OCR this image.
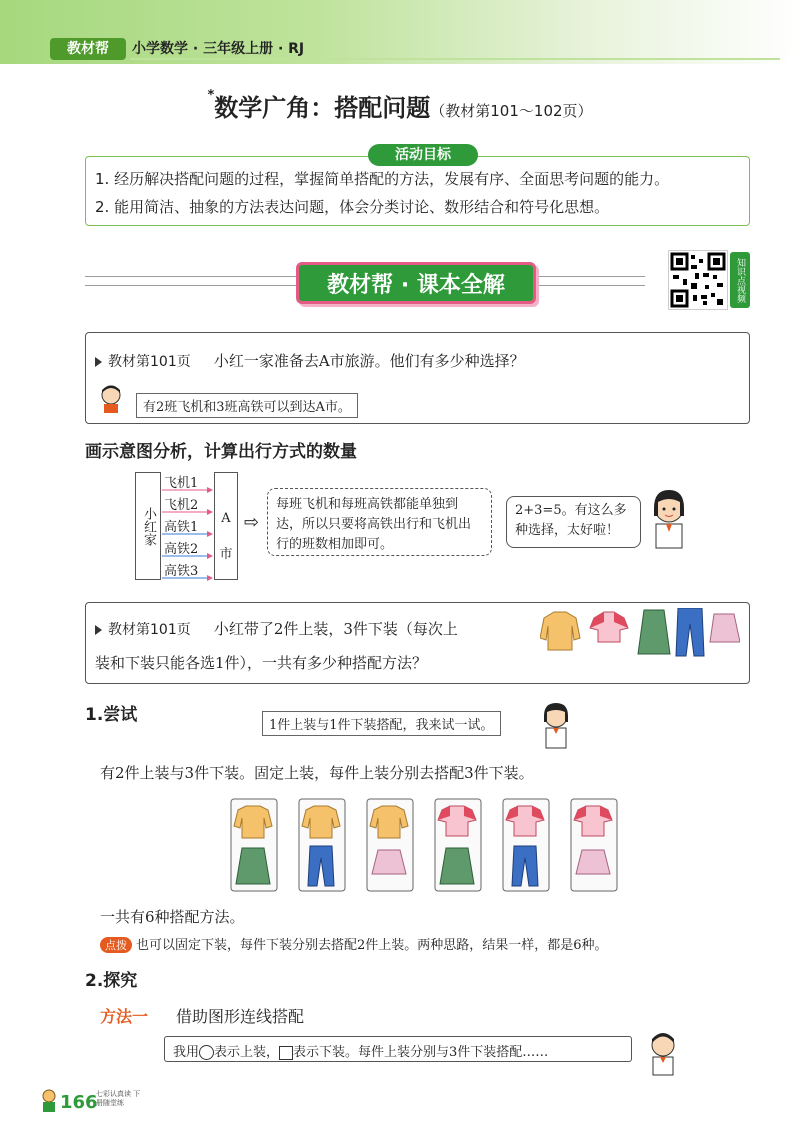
教材帮	小学数学 · 三年级上册 · RJ
*数学广角：搭配问题（教材第101～102页）
活动目标
1. 经历解决搭配问题的过程，掌握简单搭配的方法，发展有序、全面思考问题的能力。
2. 能用简洁、抽象的方法表达问题，体会分类讨论、数形结合和符号化思想。
教材帮 · 课本全解	知识点视频
教材第101页 小红一家准备去A市旅游。他们有多少种选择？
有2班飞机和3班高铁可以到达A市。
画示意图分析，计算出行方式的数量
小红家	A市
飞机1
飞机2
高铁1
高铁2
高铁3
⇨
每班飞机和每班高铁都能单独到达，所以只要将高铁出行和飞机出行的班数相加即可。
2+3=5。有这么多种选择，太好啦！
教材第101页 小红带了2件上装，3件下装（每次上
装和下装只能各选1件），一共有多少种搭配方法？
1.尝试
1件上装与1件下装搭配，我来试一试。
有2件上装与3件下装。固定上装，每件上装分别去搭配3件下装。
一共有6种搭配方法。
点拨 也可以固定下装，每件下装分别去搭配2件上装。两种思路，结果一样，都是6种。
2.探究
方法一 借助图形连线搭配
我用 表示上装， 表示下装。每件上装分别与3件下装搭配……
166
七彩认真读 下册随堂练
